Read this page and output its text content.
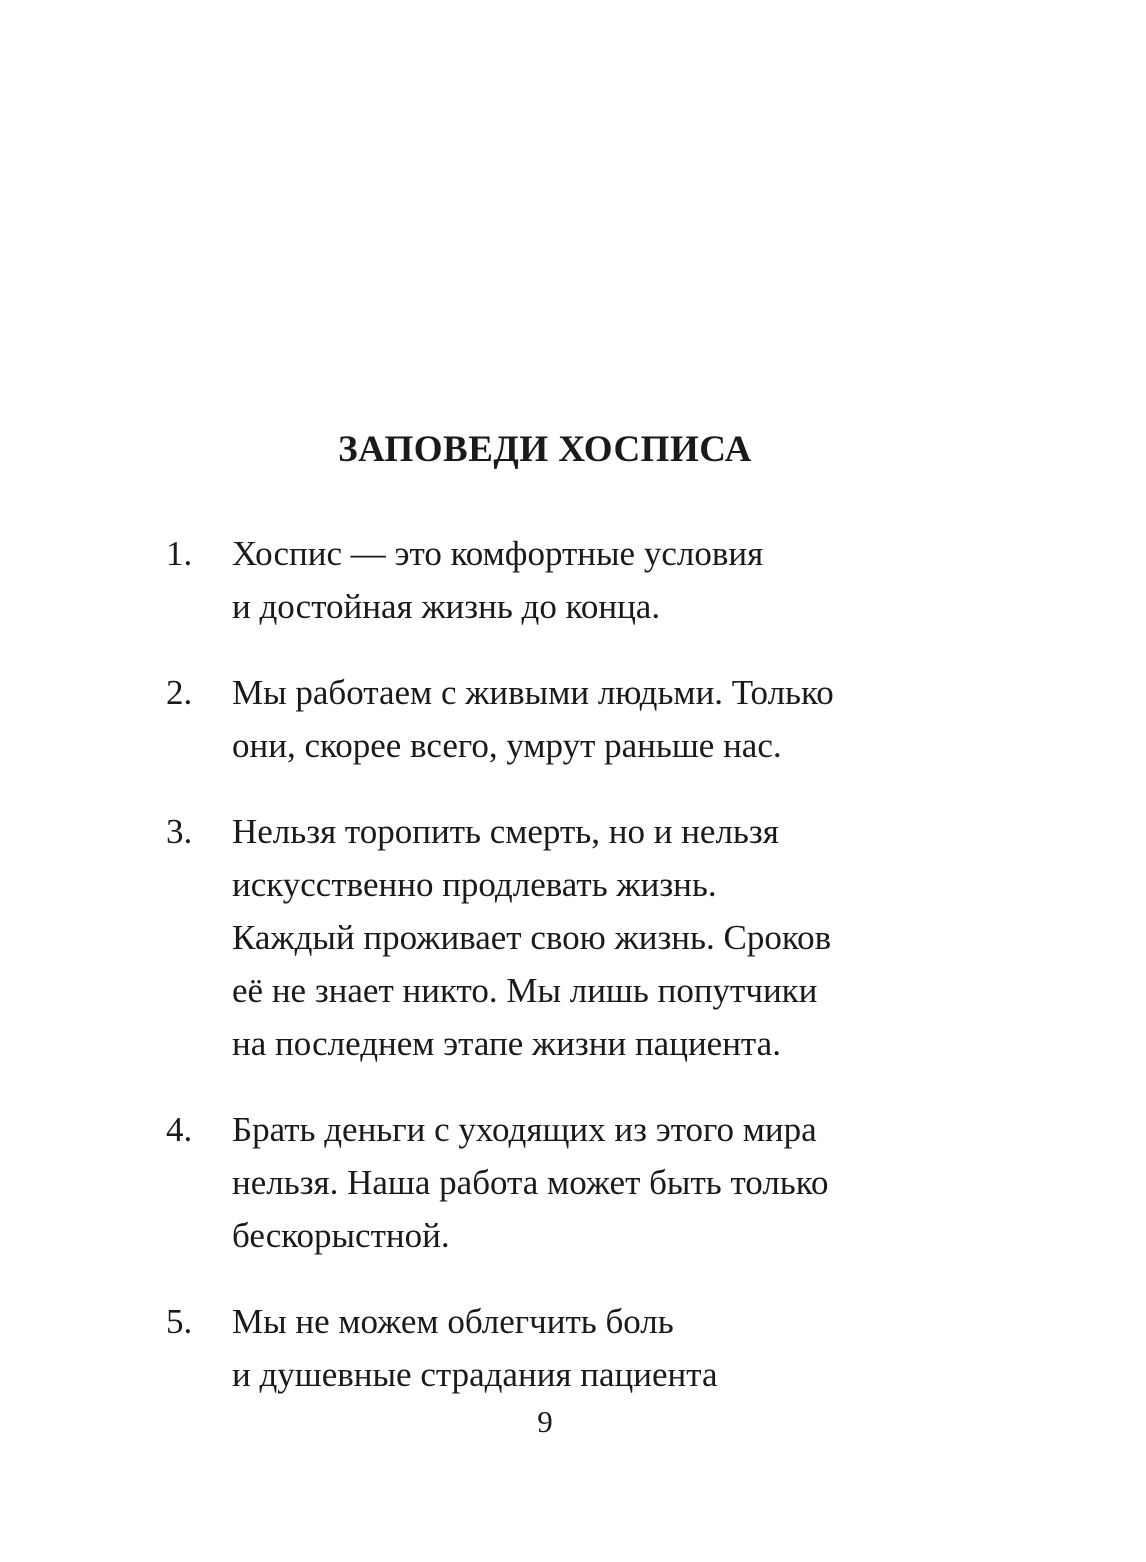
ЗАПОВЕДИ ХОСПИСА
1. Хоспис — это комфортные условия
и достойная жизнь до конца.
2. Мы работаем с живыми людьми. Только
они, скорее всего, умрут раньше нас.
3. Нельзя торопить смерть, но и нельзя
искусственно продлевать жизнь.
Каждый проживает свою жизнь. Сроков
её не знает никто. Мы лишь попутчики
на последнем этапе жизни пациента.
4. Брать деньги с уходящих из этого мира
нельзя. Наша работа может быть только
бескорыстной.
5. Мы не можем облегчить боль
и душевные страдания пациента
9
